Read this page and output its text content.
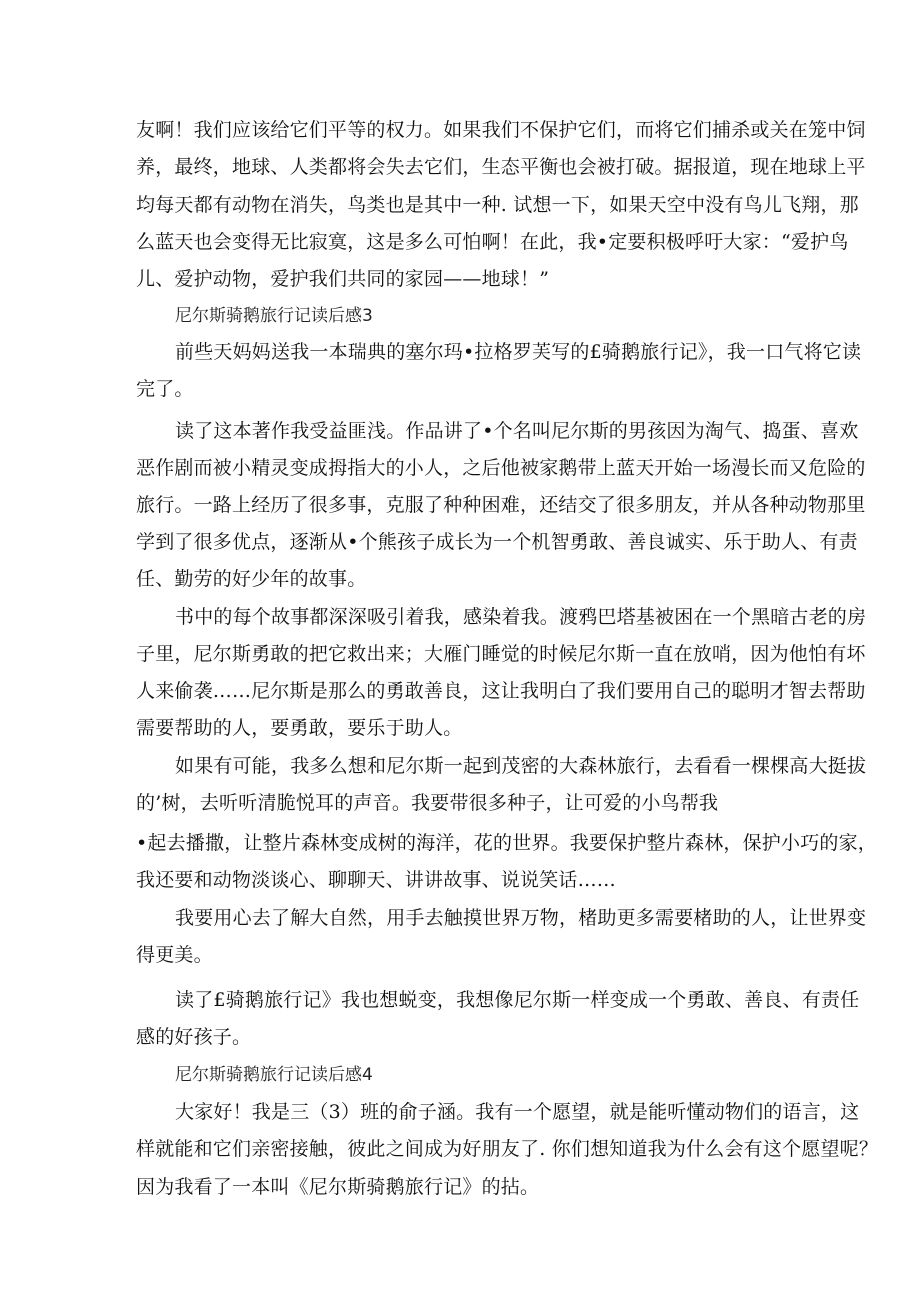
友啊！我们应该给它们平等的权力。如果我们不保护它们，而将它们捕杀或关在笼中饲
养，最终，地球、人类都将会失去它们，生态平衡也会被打破。据报道，现在地球上平
均每天都有动物在消失，鸟类也是其中一种. 试想一下，如果天空中没有鸟儿飞翔，那
么蓝天也会变得无比寂寞，这是多么可怕啊！在此，我•定要积极呼吁大家：“爱护鸟
儿、爱护动物，爱护我们共同的家园——地球！”
尼尔斯骑鹅旅行记读后感3
前些天妈妈送我一本瑞典的塞尔玛•拉格罗芙写的£骑鹅旅行记》，我一口气将它读
完了。
读了这本著作我受益匪浅。作品讲了•个名叫尼尔斯的男孩因为淘气、捣蛋、喜欢
恶作剧而被小精灵变成拇指大的小人，之后他被家鹅带上蓝天开始一场漫长而又危险的
旅行。一路上经历了很多事，克服了种种困难，还结交了很多朋友，并从各种动物那里
学到了很多优点，逐渐从•个熊孩子成长为一个机智勇敢、善良诚实、乐于助人、有责
任、勤劳的好少年的故事。
书中的每个故事都深深吸引着我，感染着我。渡鸦巴塔基被困在一个黑暗古老的房
子里，尼尔斯勇敢的把它救出来；大雁门睡觉的时候尼尔斯一直在放哨，因为他怕有坏
人来偷袭……尼尔斯是那么的勇敢善良，这让我明白了我们要用自己的聪明才智去帮助
需要帮助的人，要勇敢，要乐于助人。
如果有可能，我多么想和尼尔斯一起到茂密的大森林旅行，去看看一棵棵高大挺拔
的’树，去听听清脆悦耳的声音。我要带很多种子，让可爱的小鸟帮我
•起去播撒，让整片森林变成树的海洋，花的世界。我要保护整片森林，保护小巧的家，
我还要和动物淡谈心、聊聊天、讲讲故事、说说笑话……
我要用心去了解大自然，用手去触摸世界万物，楮助更多需要楮助的人，让世界变
得更美。
读了£骑鹅旅行记》我也想蜕变，我想像尼尔斯一样变成一个勇敢、善良、有责任
感的好孩子。
尼尔斯骑鹅旅行记读后感4
大家好！我是三（3）班的俞子涵。我有一个愿望，就是能听懂动物们的语言，这
样就能和它们亲密接触，彼此之间成为好朋友了. 你们想知道我为什么会有这个愿望呢？
因为我看了一本叫《尼尔斯骑鹅旅行记》的拈。
